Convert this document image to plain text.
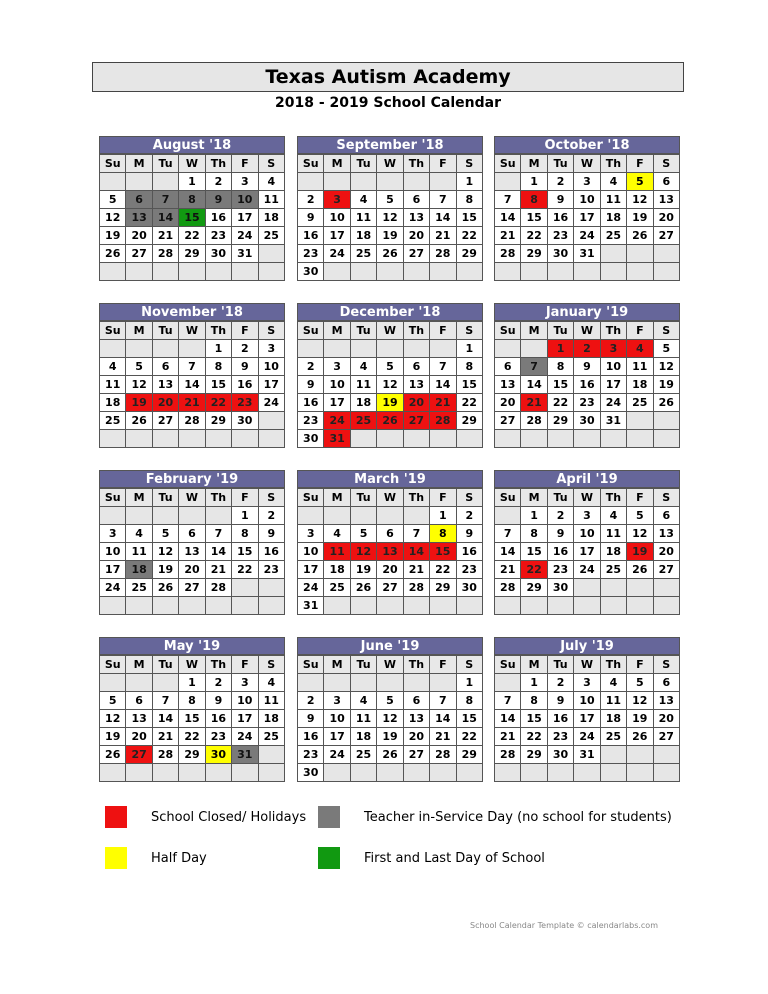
Texas Autism Academy
2018 - 2019 School Calendar
August '18
Su	M	Tu	W	Th	F	S
			1	2	3	4
5	6	7	8	9	10	11
12	13	14	15	16	17	18
19	20	21	22	23	24	25
26	27	28	29	30	31	

September '18
Su	M	Tu	W	Th	F	S
						1
2	3	4	5	6	7	8
9	10	11	12	13	14	15
16	17	18	19	20	21	22
23	24	25	26	27	28	29
30						
October '18
Su	M	Tu	W	Th	F	S
	1	2	3	4	5	6
7	8	9	10	11	12	13
14	15	16	17	18	19	20
21	22	23	24	25	26	27
28	29	30	31			

November '18
Su	M	Tu	W	Th	F	S
				1	2	3
4	5	6	7	8	9	10
11	12	13	14	15	16	17
18	19	20	21	22	23	24
25	26	27	28	29	30	

December '18
Su	M	Tu	W	Th	F	S
						1
2	3	4	5	6	7	8
9	10	11	12	13	14	15
16	17	18	19	20	21	22
23	24	25	26	27	28	29
30	31					
January '19
Su	M	Tu	W	Th	F	S
		1	2	3	4	5
6	7	8	9	10	11	12
13	14	15	16	17	18	19
20	21	22	23	24	25	26
27	28	29	30	31		

February '19
Su	M	Tu	W	Th	F	S
					1	2
3	4	5	6	7	8	9
10	11	12	13	14	15	16
17	18	19	20	21	22	23
24	25	26	27	28		

March '19
Su	M	Tu	W	Th	F	S
					1	2
3	4	5	6	7	8	9
10	11	12	13	14	15	16
17	18	19	20	21	22	23
24	25	26	27	28	29	30
31						
April '19
Su	M	Tu	W	Th	F	S
	1	2	3	4	5	6
7	8	9	10	11	12	13
14	15	16	17	18	19	20
21	22	23	24	25	26	27
28	29	30				

May '19
Su	M	Tu	W	Th	F	S
			1	2	3	4
5	6	7	8	9	10	11
12	13	14	15	16	17	18
19	20	21	22	23	24	25
26	27	28	29	30	31	

June '19
Su	M	Tu	W	Th	F	S
						1
2	3	4	5	6	7	8
9	10	11	12	13	14	15
16	17	18	19	20	21	22
23	24	25	26	27	28	29
30						
July '19
Su	M	Tu	W	Th	F	S
	1	2	3	4	5	6
7	8	9	10	11	12	13
14	15	16	17	18	19	20
21	22	23	24	25	26	27
28	29	30	31			

School Closed/ Holidays	Teacher in-Service Day (no school for students)
Half Day	First and Last Day of School
School Calendar Template © calendarlabs.com
